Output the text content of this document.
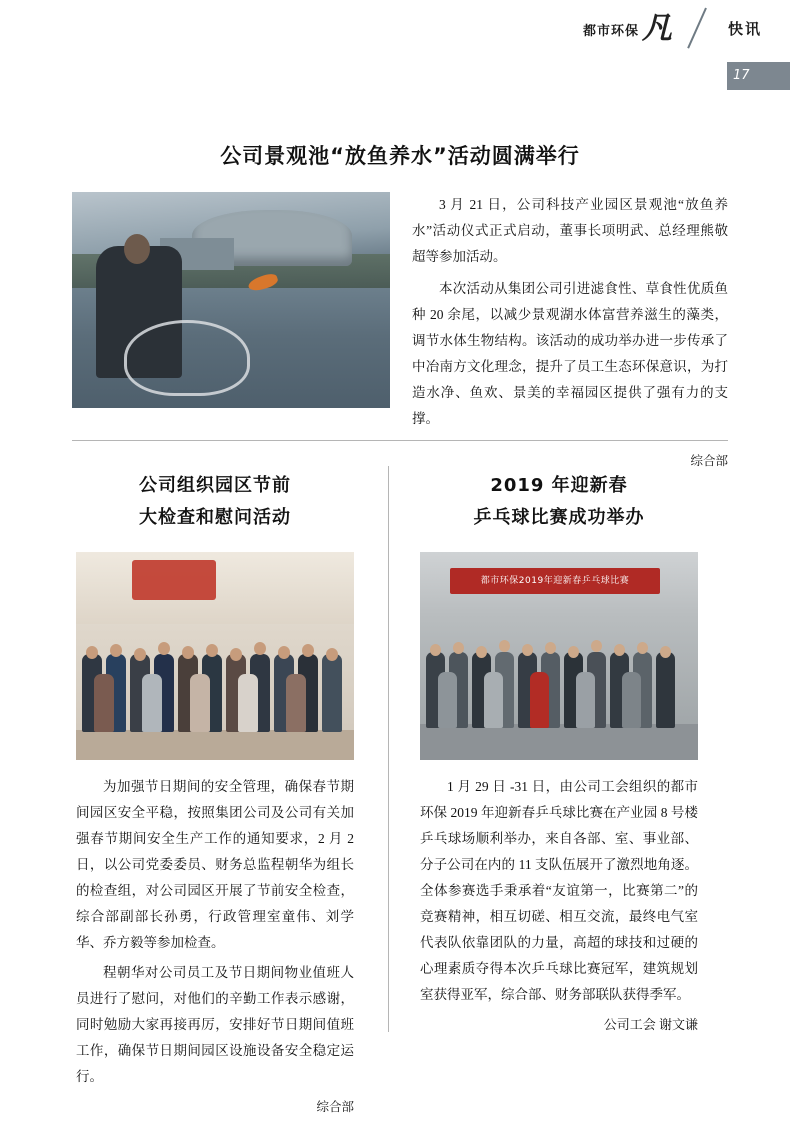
都市环保 凡	快讯
17
公司景观池“放鱼养水”活动圆满举行

3 月 21 日，公司科技产业园区景观池“放鱼养水”活动仪式正式启动，董事长项明武、总经理熊敬超等参加活动。

本次活动从集团公司引进滤食性、草食性优质鱼种 20 余尾，以减少景观湖水体富营养滋生的藻类，调节水体生物结构。该活动的成功举办进一步传承了中冶南方文化理念，提升了员工生态环保意识，为打造水净、鱼欢、景美的幸福园区提供了强有力的支撑。

综合部

公司组织园区节前
大检查和慰问活动

为加强节日期间的安全管理，确保春节期间园区安全平稳，按照集团公司及公司有关加强春节期间安全生产工作的通知要求，2 月 2 日，以公司党委委员、财务总监程朝华为组长的检查组，对公司园区开展了节前安全检查，综合部副部长孙勇，行政管理室童伟、刘学华、乔方毅等参加检查。

程朝华对公司员工及节日期间物业值班人员进行了慰问，对他们的辛勤工作表示感谢，同时勉励大家再接再厉，安排好节日期间值班工作，确保节日期间园区设施设备安全稳定运行。

综合部

2019 年迎新春
乒乓球比赛成功举办
都市环保2019年迎新春乒乓球比赛

1 月 29 日 -31 日，由公司工会组织的都市环保 2019 年迎新春乒乓球比赛在产业园 8 号楼乒乓球场顺利举办，来自各部、室、事业部、分子公司在内的 11 支队伍展开了激烈地角逐。全体参赛选手秉承着“友谊第一，比赛第二”的竞赛精神，相互切磋、相互交流，最终电气室代表队依靠团队的力量，高超的球技和过硬的心理素质夺得本次乒乓球比赛冠军，建筑规划室获得亚军，综合部、财务部联队获得季军。

公司工会 谢文谦
